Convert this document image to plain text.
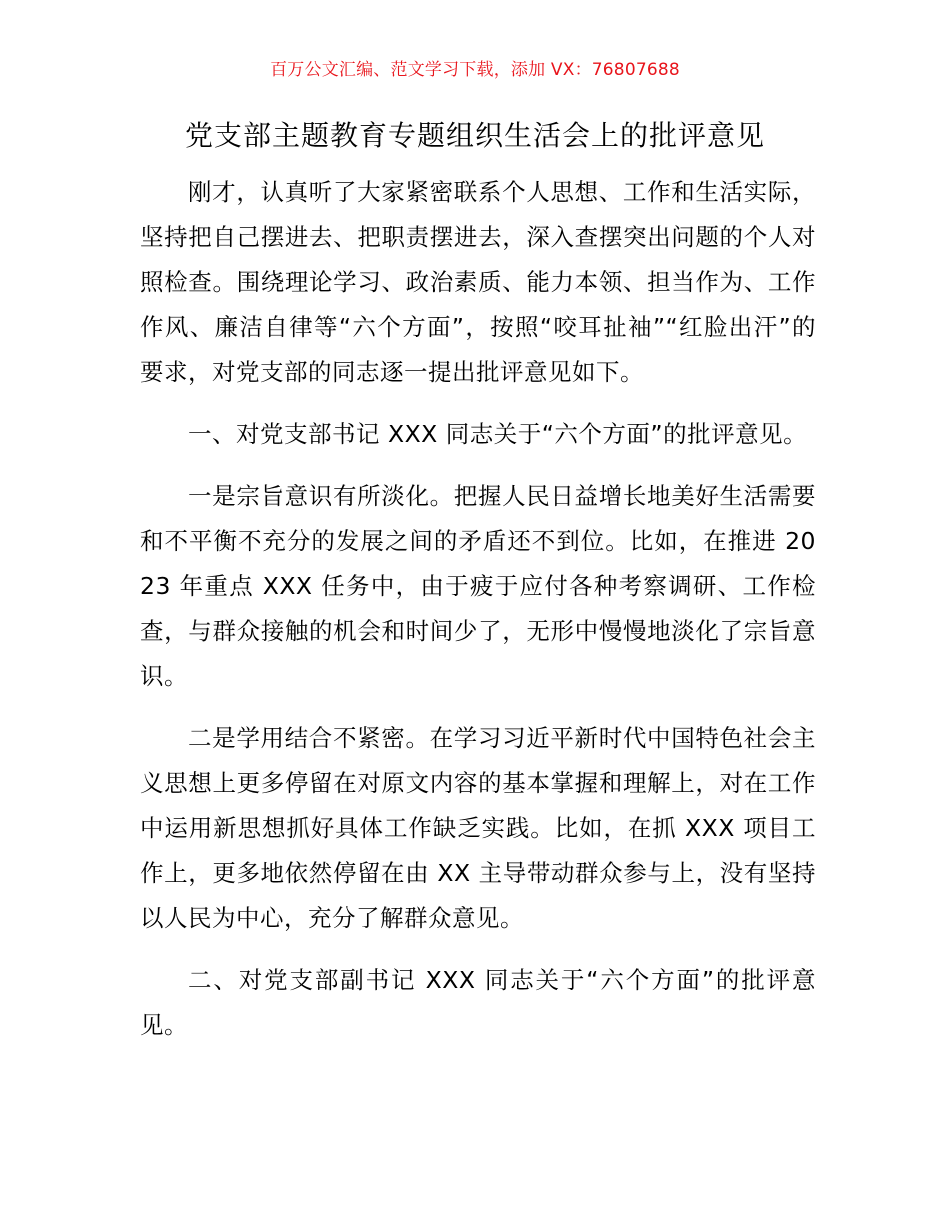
百万公文汇编、范文学习下载，添加 VX：76807688
党支部主题教育专题组织生活会上的批评意见

刚才，认真听了大家紧密联系个人思想、工作和生活实际，坚持把自己摆进去、把职责摆进去，深入查摆突出问题的个人对照检查。围绕理论学习、政治素质、能力本领、担当作为、工作作风、廉洁自律等“六个方面”，按照“咬耳扯袖”“红脸出汗”的要求，对党支部的同志逐一提出批评意见如下。

一、对党支部书记 XXX 同志关于“六个方面”的批评意见。

一是宗旨意识有所淡化。把握人民日益增长地美好生活需要和不平衡不充分的发展之间的矛盾还不到位。比如，在推进 2023 年重点 XXX 任务中，由于疲于应付各种考察调研、工作检查，与群众接触的机会和时间少了，无形中慢慢地淡化了宗旨意识。

二是学用结合不紧密。在学习习近平新时代中国特色社会主义思想上更多停留在对原文内容的基本掌握和理解上，对在工作中运用新思想抓好具体工作缺乏实践。比如，在抓 XXX 项目工作上，更多地依然停留在由 XX 主导带动群众参与上，没有坚持以人民为中心，充分了解群众意见。

二、对党支部副书记 XXX 同志关于“六个方面”的批评意见。
